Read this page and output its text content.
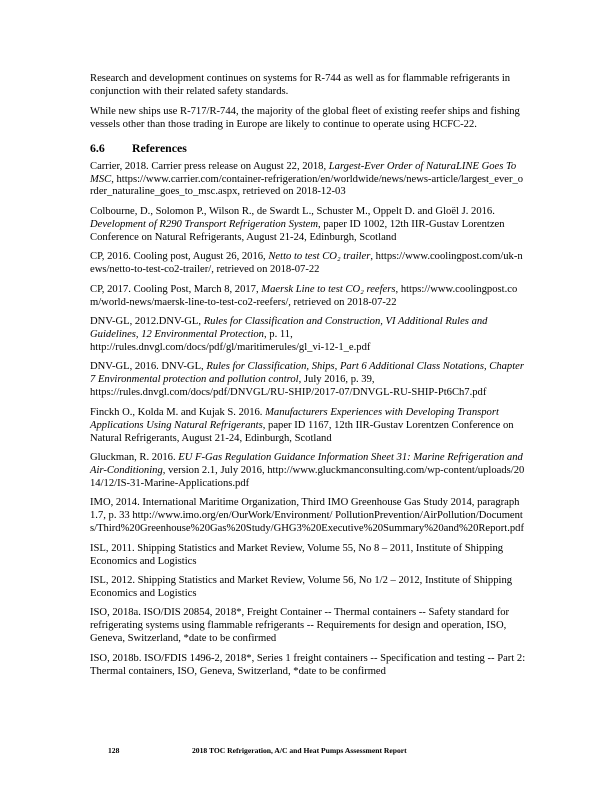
Research and development continues on systems for R-744 as well as for flammable refrigerants in conjunction with their related safety standards.

While new ships use R-717/R-744, the majority of the global fleet of existing reefer ships and fishing vessels other than those trading in Europe are likely to continue to operate using HCFC-22.

6.6 References

Carrier, 2018. Carrier press release on August 22, 2018, Largest-Ever Order of NaturaLINE Goes To MSC, https://www.carrier.com/container-refrigeration/en/worldwide/news/news-article/largest_ever_order_naturaline_goes_to_msc.aspx, retrieved on 2018-12-03

Colbourne, D., Solomon P., Wilson R., de Swardt L., Schuster M., Oppelt D. and Gloël J. 2016. Development of R290 Transport Refrigeration System, paper ID 1002, 12th IIR-Gustav Lorentzen Conference on Natural Refrigerants, August 21-24, Edinburgh, Scotland

CP, 2016. Cooling post, August 26, 2016, Netto to test CO₂ trailer, https://www.coolingpost.com/uk-news/netto-to-test-co2-trailer/, retrieved on 2018-07-22

CP, 2017. Cooling Post, March 8, 2017, Maersk Line to test CO₂ reefers, https://www.coolingpost.com/world-news/maersk-line-to-test-co2-reefers/, retrieved on 2018-07-22

DNV-GL, 2012.DNV-GL, Rules for Classification and Construction, VI Additional Rules and Guidelines, 12 Environmental Protection, p. 11, http://rules.dnvgl.com/docs/pdf/gl/maritimerules/gl_vi-12-1_e.pdf

DNV-GL, 2016. DNV-GL, Rules for Classification, Ships, Part 6 Additional Class Notations, Chapter 7 Environmental protection and pollution control, July 2016, p. 39, https://rules.dnvgl.com/docs/pdf/DNVGL/RU-SHIP/2017-07/DNVGL-RU-SHIP-Pt6Ch7.pdf

Finckh O., Kolda M. and Kujak S. 2016. Manufacturers Experiences with Developing Transport Applications Using Natural Refrigerants, paper ID 1167, 12th IIR-Gustav Lorentzen Conference on Natural Refrigerants, August 21-24, Edinburgh, Scotland

Gluckman, R. 2016. EU F-Gas Regulation Guidance Information Sheet 31: Marine Refrigeration and Air-Conditioning, version 2.1, July 2016, http://www.gluckmanconsulting.com/wp-content/uploads/2014/12/IS-31-Marine-Applications.pdf

IMO, 2014. International Maritime Organization, Third IMO Greenhouse Gas Study 2014, paragraph 1.7, p. 33 http://www.imo.org/en/OurWork/Environment/ PollutionPrevention/AirPollution/Documents/Third%20Greenhouse%20Gas%20Study/GHG3%20Executive%20Summary%20and%20Report.pdf

ISL, 2011. Shipping Statistics and Market Review, Volume 55, No 8 – 2011, Institute of Shipping Economics and Logistics

ISL, 2012. Shipping Statistics and Market Review, Volume 56, No 1/2 – 2012, Institute of Shipping Economics and Logistics

ISO, 2018a. ISO/DIS 20854, 2018*, Freight Container -- Thermal containers -- Safety standard for refrigerating systems using flammable refrigerants -- Requirements for design and operation, ISO, Geneva, Switzerland, *date to be confirmed

ISO, 2018b. ISO/FDIS 1496-2, 2018*, Series 1 freight containers -- Specification and testing -- Part 2: Thermal containers, ISO, Geneva, Switzerland, *date to be confirmed

128	2018 TOC Refrigeration, A/C and Heat Pumps Assessment Report
